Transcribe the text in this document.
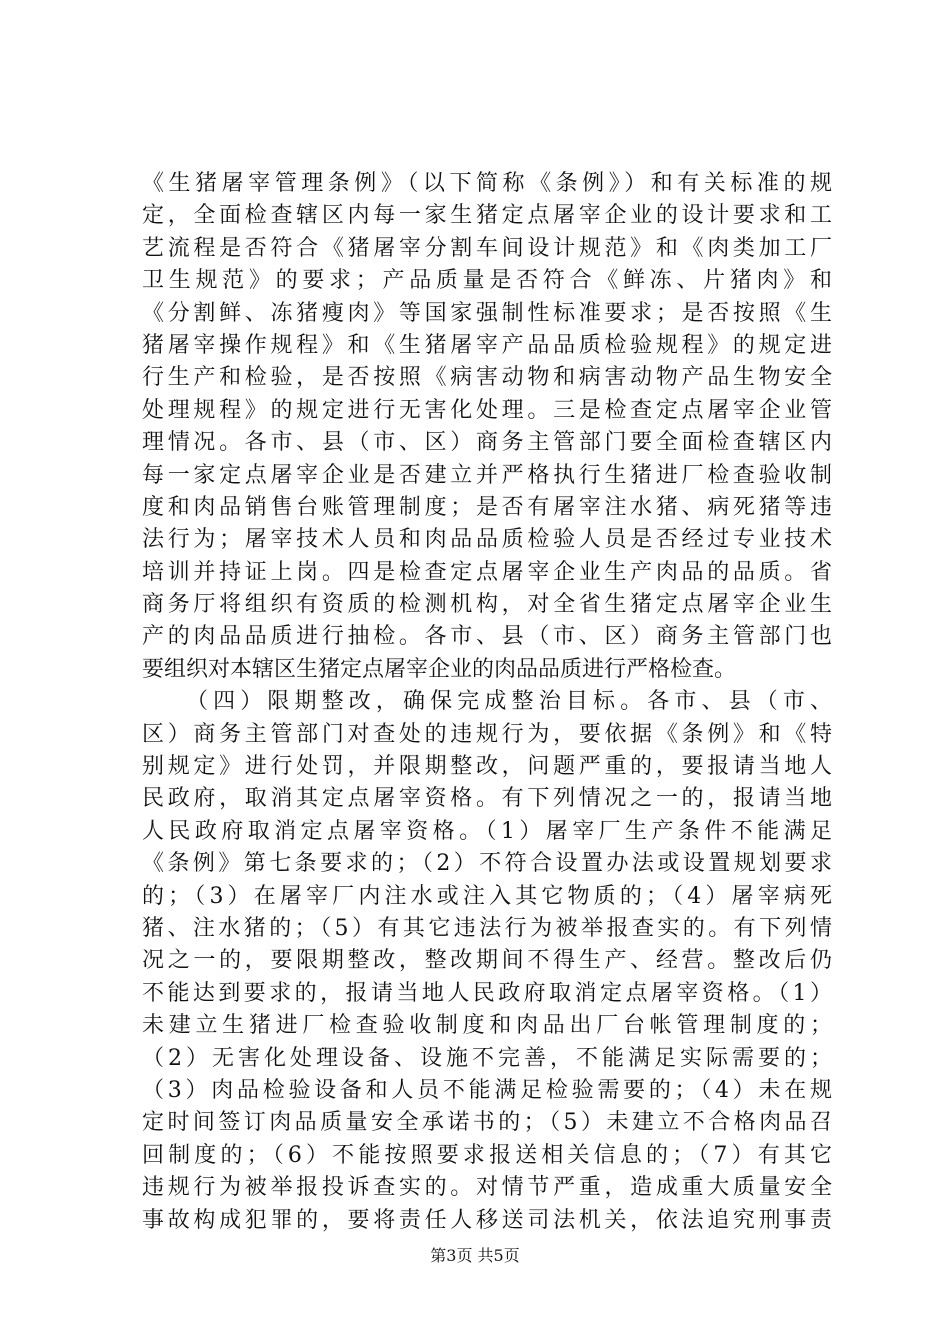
《生猪屠宰管理条例》（以下简称《条例》）和有关标准的规
定，全面检查辖区内每一家生猪定点屠宰企业的设计要求和工
艺流程是否符合《猪屠宰分割车间设计规范》和《肉类加工厂
卫生规范》的要求；产品质量是否符合《鲜冻、片猪肉》和
《分割鲜、冻猪瘦肉》等国家强制性标准要求；是否按照《生
猪屠宰操作规程》和《生猪屠宰产品品质检验规程》的规定进
行生产和检验，是否按照《病害动物和病害动物产品生物安全
处理规程》的规定进行无害化处理。三是检查定点屠宰企业管
理情况。各市、县（市、区）商务主管部门要全面检查辖区内
每一家定点屠宰企业是否建立并严格执行生猪进厂检查验收制
度和肉品销售台账管理制度；是否有屠宰注水猪、病死猪等违
法行为；屠宰技术人员和肉品品质检验人员是否经过专业技术
培训并持证上岗。四是检查定点屠宰企业生产肉品的品质。省
商务厅将组织有资质的检测机构，对全省生猪定点屠宰企业生
产的肉品品质进行抽检。各市、县（市、区）商务主管部门也
要组织对本辖区生猪定点屠宰企业的肉品品质进行严格检查。
（四）限期整改，确保完成整治目标。各市、县（市、
区）商务主管部门对查处的违规行为，要依据《条例》和《特
别规定》进行处罚，并限期整改，问题严重的，要报请当地人
民政府，取消其定点屠宰资格。有下列情况之一的，报请当地
人民政府取消定点屠宰资格。（1）屠宰厂生产条件不能满足
《条例》第七条要求的；（2）不符合设置办法或设置规划要求
的；（3）在屠宰厂内注水或注入其它物质的；（4）屠宰病死
猪、注水猪的；（5）有其它违法行为被举报查实的。有下列情
况之一的，要限期整改，整改期间不得生产、经营。整改后仍
不能达到要求的，报请当地人民政府取消定点屠宰资格。（1）
未建立生猪进厂检查验收制度和肉品出厂台帐管理制度的；
（2）无害化处理设备、设施不完善，不能满足实际需要的；
（3）肉品检验设备和人员不能满足检验需要的；（4）未在规
定时间签订肉品质量安全承诺书的；（5）未建立不合格肉品召
回制度的；（6）不能按照要求报送相关信息的；（7）有其它
违规行为被举报投诉查实的。对情节严重，造成重大质量安全
事故构成犯罪的，要将责任人移送司法机关，依法追究刑事责
第3页 共5页
